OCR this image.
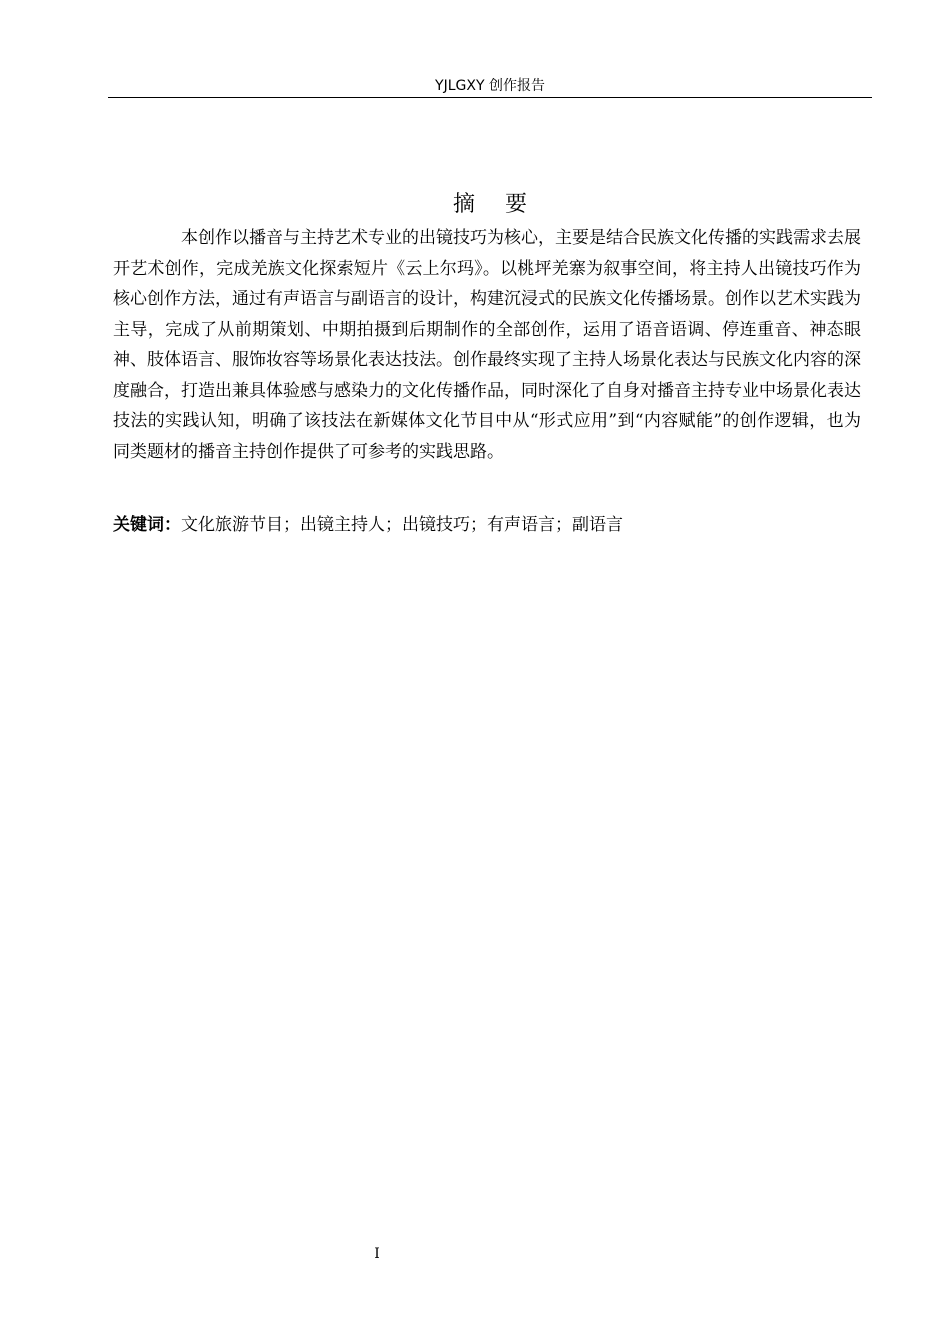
YJLGXY 创作报告
摘要

本创作以播音与主持艺术专业的出镜技巧为核心，主要是结合民族文化传播的实践需求去展开艺术创作，完成羌族文化探索短片《云上尔玛》。以桃坪羌寨为叙事空间，将主持人出镜技巧作为核心创作方法，通过有声语言与副语言的设计，构建沉浸式的民族文化传播场景。创作以艺术实践为主导，完成了从前期策划、中期拍摄到后期制作的全部创作，运用了语音语调、停连重音、神态眼神、肢体语言、服饰妆容等场景化表达技法。创作最终实现了主持人场景化表达与民族文化内容的深度融合，打造出兼具体验感与感染力的文化传播作品，同时深化了自身对播音主持专业中场景化表达技法的实践认知，明确了该技法在新媒体文化节目中从“形式应用”到“内容赋能”的创作逻辑，也为同类题材的播音主持创作提供了可参考的实践思路。

关键词：文化旅游节目；出镜主持人；出镜技巧；有声语言；副语言
I
